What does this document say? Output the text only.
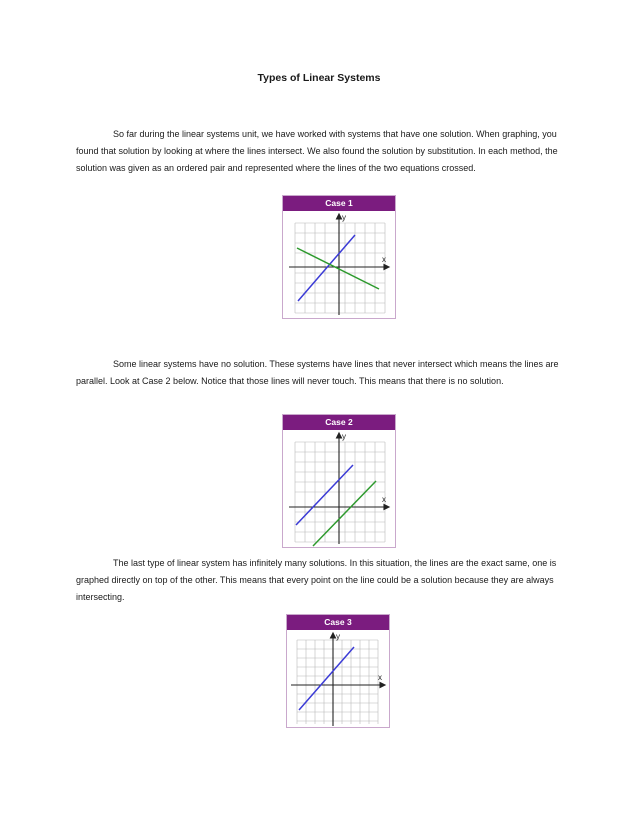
Types of Linear Systems

So far during the linear systems unit, we have worked with systems that have one solution. When graphing, you found that solution by looking at where the lines intersect. We also found the solution by substitution. In each method, the solution was given as an ordered pair and represented where the lines of the two equations crossed.

Case 1
x
y

Some linear systems have no solution. These systems have lines that never intersect which means the lines are parallel. Look at Case 2 below. Notice that those lines will never touch. This means that there is no solution.

Case 2
x
y

The last type of linear system has infinitely many solutions. In this situation, the lines are the exact same, one is graphed directly on top of the other. This means that every point on the line could be a solution because they are always intersecting.

Case 3
x
y
